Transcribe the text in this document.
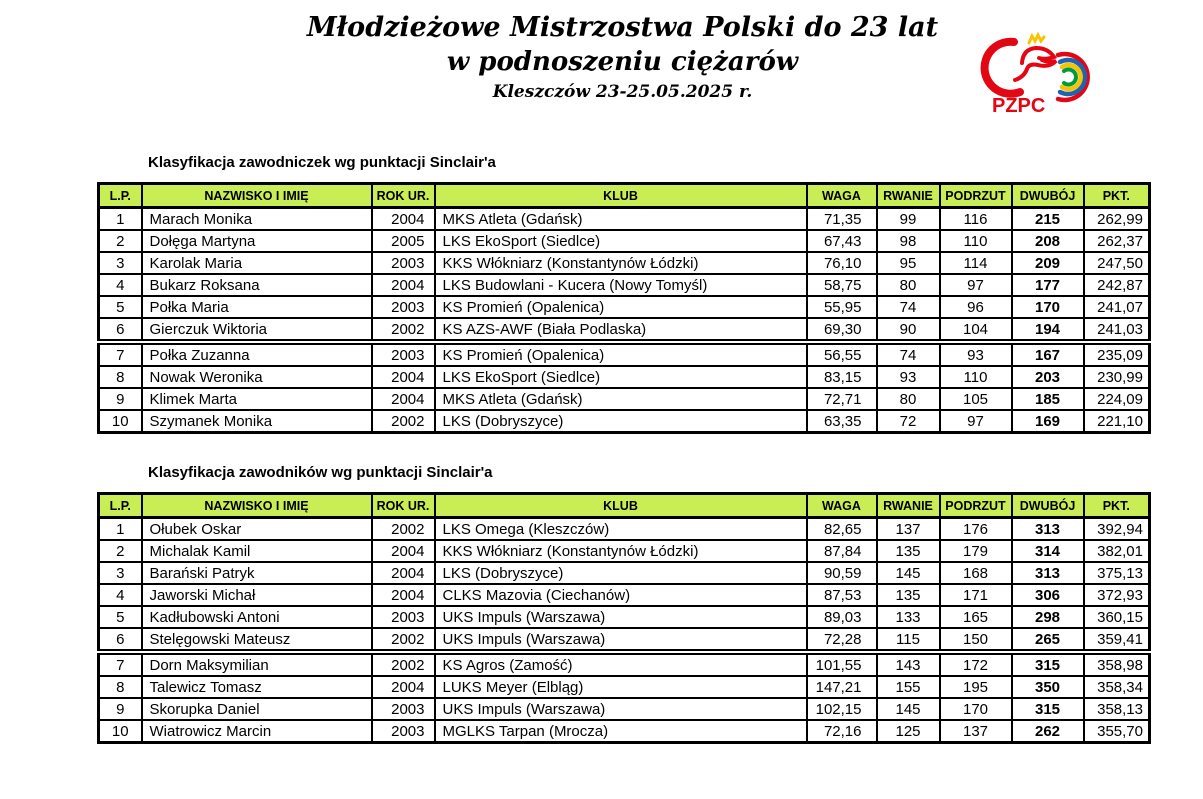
Młodzieżowe Mistrzostwa Polski do 23 lat
w podnoszeniu ciężarów
Kleszczów 23-25.05.2025 r.
PZPC
Klasyfikacja zawodniczek wg punktacji Sinclair'a
L.P.	NAZWISKO I IMIĘ	ROK UR.	KLUB	WAGA	RWANIE	PODRZUT	DWUBÓJ	PKT.
1	Marach Monika	2004	MKS Atleta (Gdańsk)	71,35	99	116	215	262,99
2	Dołęga Martyna	2005	LKS EkoSport (Siedlce)	67,43	98	110	208	262,37
3	Karolak Maria	2003	KKS Włókniarz (Konstantynów Łódzki)	76,10	95	114	209	247,50
4	Bukarz Roksana	2004	LKS Budowlani - Kucera (Nowy Tomyśl)	58,75	80	97	177	242,87
5	Połka Maria	2003	KS Promień (Opalenica)	55,95	74	96	170	241,07
6	Gierczuk Wiktoria	2002	KS AZS-AWF (Biała Podlaska)	69,30	90	104	194	241,03
7	Połka Zuzanna	2003	KS Promień (Opalenica)	56,55	74	93	167	235,09
8	Nowak Weronika	2004	LKS EkoSport (Siedlce)	83,15	93	110	203	230,99
9	Klimek Marta	2004	MKS Atleta (Gdańsk)	72,71	80	105	185	224,09
10	Szymanek Monika	2002	LKS (Dobryszyce)	63,35	72	97	169	221,10
Klasyfikacja zawodników wg punktacji Sinclair'a
L.P.	NAZWISKO I IMIĘ	ROK UR.	KLUB	WAGA	RWANIE	PODRZUT	DWUBÓJ	PKT.
1	Ołubek Oskar	2002	LKS Omega (Kleszczów)	82,65	137	176	313	392,94
2	Michalak Kamil	2004	KKS Włókniarz (Konstantynów Łódzki)	87,84	135	179	314	382,01
3	Barański Patryk	2004	LKS (Dobryszyce)	90,59	145	168	313	375,13
4	Jaworski Michał	2004	CLKS Mazovia (Ciechanów)	87,53	135	171	306	372,93
5	Kadłubowski Antoni	2003	UKS Impuls (Warszawa)	89,03	133	165	298	360,15
6	Stelęgowski Mateusz	2002	UKS Impuls (Warszawa)	72,28	115	150	265	359,41
7	Dorn Maksymilian	2002	KS Agros (Zamość)	101,55	143	172	315	358,98
8	Talewicz Tomasz	2004	LUKS Meyer (Elbląg)	147,21	155	195	350	358,34
9	Skorupka Daniel	2003	UKS Impuls (Warszawa)	102,15	145	170	315	358,13
10	Wiatrowicz Marcin	2003	MGLKS Tarpan (Mrocza)	72,16	125	137	262	355,70
